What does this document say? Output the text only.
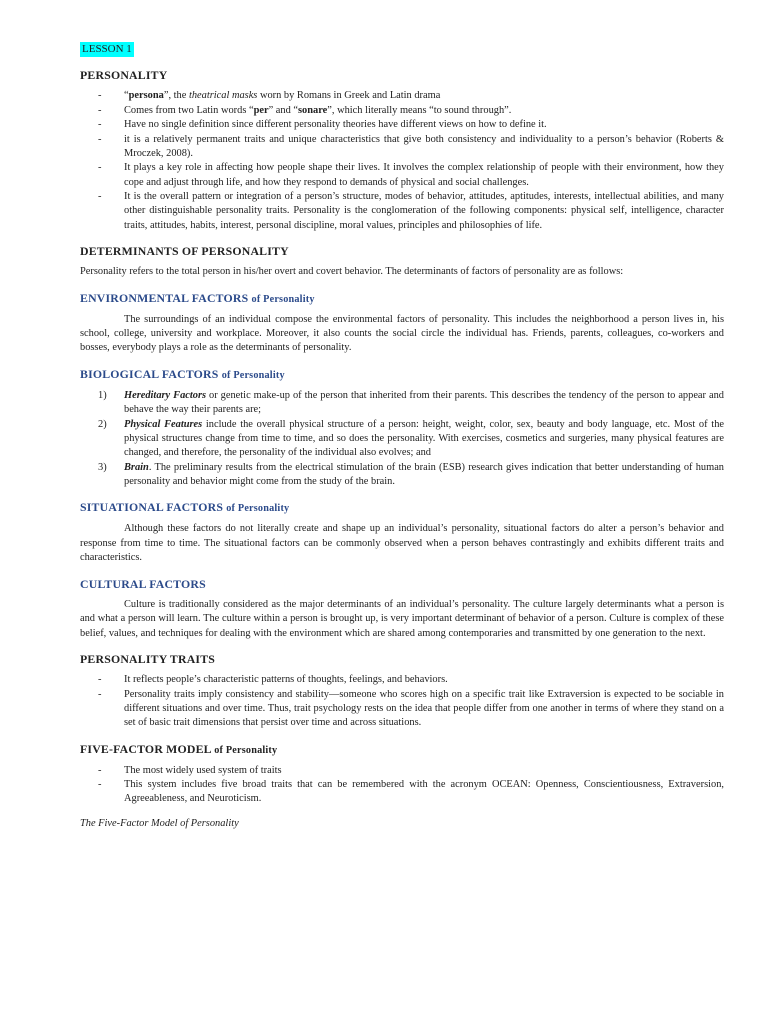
LESSON 1
PERSONALITY
- “persona”, the theatrical masks worn by Romans in Greek and Latin drama
- Comes from two Latin words “per” and “sonare”, which literally means “to sound through”.
- Have no single definition since different personality theories have different views on how to define it.
- it is a relatively permanent traits and unique characteristics that give both consistency and individuality to a person’s behavior (Roberts & Mroczek, 2008).
- It plays a key role in affecting how people shape their lives. It involves the complex relationship of people with their environment, how they cope and adjust through life, and how they respond to demands of physical and social challenges.
- It is the overall pattern or integration of a person’s structure, modes of behavior, attitudes, aptitudes, interests, intellectual abilities, and many other distinguishable personality traits. Personality is the conglomeration of the following components: physical self, intelligence, character traits, attitudes, habits, interest, personal discipline, moral values, principles and philosophies of life.
DETERMINANTS OF PERSONALITY

Personality refers to the total person in his/her overt and covert behavior. The determinants of factors of personality are as follows:

ENVIRONMENTAL FACTORS of Personality

The surroundings of an individual compose the environmental factors of personality. This includes the neighborhood a person lives in, his school, college, university and workplace. Moreover, it also counts the social circle the individual has. Friends, parents, colleagues, co-workers and bosses, everybody plays a role as the determinants of personality.

BIOLOGICAL FACTORS of Personality
1) Hereditary Factors or genetic make-up of the person that inherited from their parents. This describes the tendency of the person to appear and behave the way their parents are;
2) Physical Features include the overall physical structure of a person: height, weight, color, sex, beauty and body language, etc. Most of the physical structures change from time to time, and so does the personality. With exercises, cosmetics and surgeries, many physical features are changed, and therefore, the personality of the individual also evolves; and
3) Brain. The preliminary results from the electrical stimulation of the brain (ESB) research gives indication that better understanding of human personality and behavior might come from the study of the brain.
SITUATIONAL FACTORS of Personality

Although these factors do not literally create and shape up an individual’s personality, situational factors do alter a person’s behavior and response from time to time. The situational factors can be commonly observed when a person behaves contrastingly and exhibits different traits and characteristics.

CULTURAL FACTORS

Culture is traditionally considered as the major determinants of an individual’s personality. The culture largely determinants what a person is and what a person will learn. The culture within a person is brought up, is very important determinant of behavior of a person. Culture is complex of these belief, values, and techniques for dealing with the environment which are shared among contemporaries and transmitted by one generation to the next.

PERSONALITY TRAITS
- It reflects people’s characteristic patterns of thoughts, feelings, and behaviors.
- Personality traits imply consistency and stability—someone who scores high on a specific trait like Extraversion is expected to be sociable in different situations and over time. Thus, trait psychology rests on the idea that people differ from one another in terms of where they stand on a set of basic trait dimensions that persist over time and across situations.
FIVE-FACTOR MODEL of Personality
- The most widely used system of traits
- This system includes five broad traits that can be remembered with the acronym OCEAN: Openness, Conscientiousness, Extraversion, Agreeableness, and Neuroticism.
The Five-Factor Model of Personality
